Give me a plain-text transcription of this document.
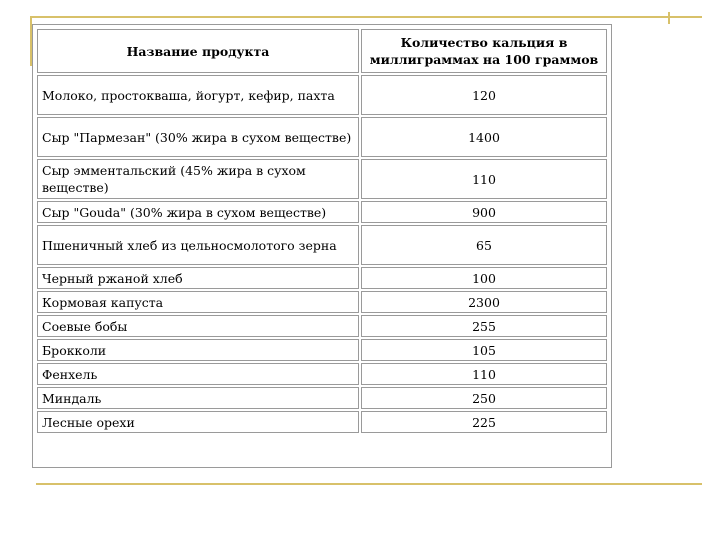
Название продукта	Количество кальция в миллиграммах на 100 граммов
Молоко, простокваша, йогурт, кефир, пахта	120
Сыр "Пармезан" (30% жира в сухом веществе)	1400
Сыр эмментальский (45% жира в сухом веществе)	110
Сыр "Gouda" (30% жира в сухом веществе)	900
Пшеничный хлеб из цельносмолотого зерна	65
Черный ржаной хлеб	100
Кормовая капуста	2300
Соевые бобы	255
Брокколи	105
Фенхель	110
Миндаль	250
Лесные орехи	225
